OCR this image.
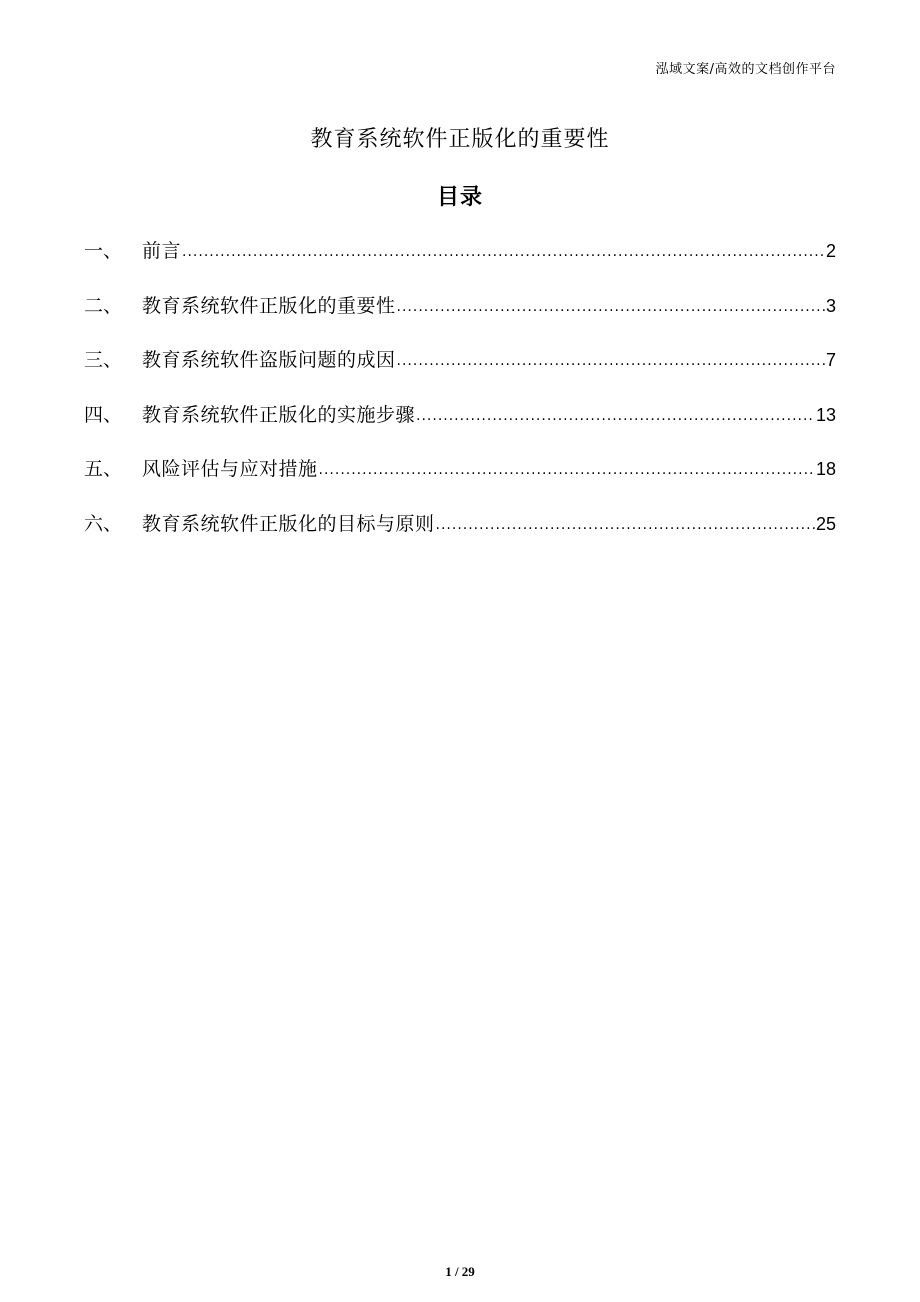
泓域文案/高效的文档创作平台
教育系统软件正版化的重要性
目录
一、	前言 .....	2
二、	教育系统软件正版化的重要性 .....	3
三、	教育系统软件盗版问题的成因 .....	7
四、	教育系统软件正版化的实施步骤 .....	13
五、	风险评估与应对措施 .....	18
六、	教育系统软件正版化的目标与原则 .....	25
1 / 29
